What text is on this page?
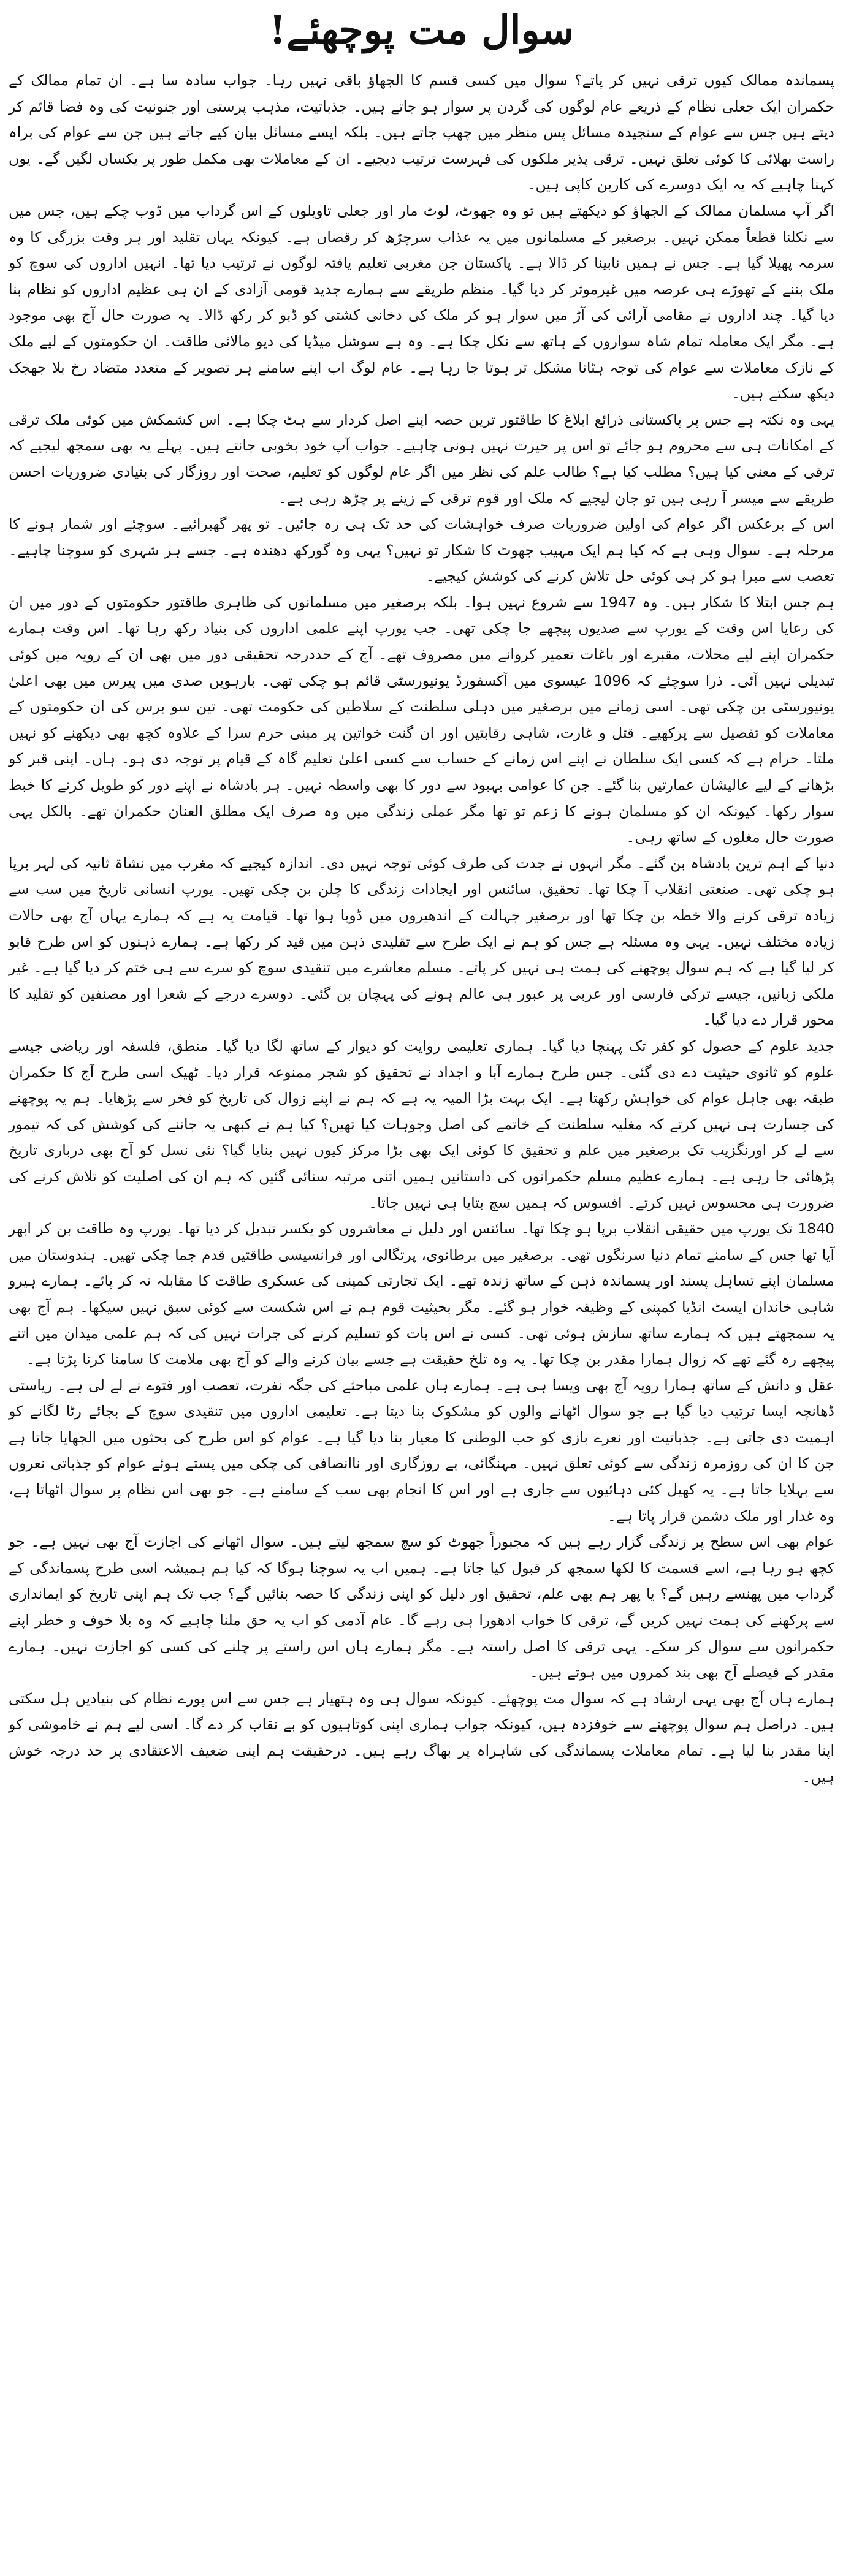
سوال مت پوچھئے!

پسماندہ ممالک کیوں ترقی نہیں کر پاتے؟ سوال میں کسی قسم کا الجھاؤ باقی نہیں رہا۔ جواب سادہ سا ہے۔ ان تمام ممالک کے حکمران ایک جعلی نظام کے ذریعے عام لوگوں کی گردن پر سوار ہو جاتے ہیں۔ جذباتیت، مذہب پرستی اور جنونیت کی وہ فضا قائم کر دیتے ہیں جس سے عوام کے سنجیدہ مسائل پس منظر میں چھپ جاتے ہیں۔ بلکہ ایسے مسائل بیان کیے جاتے ہیں جن سے عوام کی براہ راست بھلائی کا کوئی تعلق نہیں۔ ترقی پذیر ملکوں کی فہرست ترتیب دیجیے۔ ان کے معاملات بھی مکمل طور پر یکساں لگیں گے۔ یوں کہنا چاہیے کہ یہ ایک دوسرے کی کاربن کاپی ہیں۔

اگر آپ مسلمان ممالک کے الجھاؤ کو دیکھتے ہیں تو وہ جھوٹ، لوٹ مار اور جعلی تاویلوں کے اس گرداب میں ڈوب چکے ہیں، جس میں سے نکلنا قطعاً ممکن نہیں۔ برصغیر کے مسلمانوں میں یہ عذاب سرچڑھ کر رقصاں ہے۔ کیونکہ یہاں تقلید اور ہر وقت بزرگی کا وہ سرمہ پھیلا گیا ہے۔ جس نے ہمیں نابینا کر ڈالا ہے۔ پاکستان جن مغربی تعلیم یافتہ لوگوں نے ترتیب دیا تھا۔ انہیں اداروں کی سوچ کو ملک بننے کے تھوڑے ہی عرصہ میں غیرموثر کر دیا گیا۔ منظم طریقے سے ہمارے جدید قومی آزادی کے ان ہی عظیم اداروں کو نظام بنا دیا گیا۔ چند اداروں نے مقامی آرائی کی آڑ میں سوار ہو کر ملک کی دخانی کشتی کو ڈبو کر رکھ ڈالا۔ یہ صورت حال آج بھی موجود ہے۔ مگر ایک معاملہ تمام شاہ سواروں کے ہاتھ سے نکل چکا ہے۔ وہ ہے سوشل میڈیا کی دیو مالائی طاقت۔ ان حکومتوں کے لیے ملک کے نازک معاملات سے عوام کی توجہ ہٹانا مشکل تر ہوتا جا رہا ہے۔ عام لوگ اب اپنے سامنے ہر تصویر کے متعدد متضاد رخ بلا جھجک دیکھ سکتے ہیں۔

یہی وہ نکتہ ہے جس پر پاکستانی ذرائع ابلاغ کا طاقتور ترین حصہ اپنے اصل کردار سے ہٹ چکا ہے۔ اس کشمکش میں کوئی ملک ترقی کے امکانات ہی سے محروم ہو جائے تو اس پر حیرت نہیں ہونی چاہیے۔ جواب آپ خود بخوبی جانتے ہیں۔ پہلے یہ بھی سمجھ لیجیے کہ ترقی کے معنی کیا ہیں؟ مطلب کیا ہے؟ طالب علم کی نظر میں اگر عام لوگوں کو تعلیم، صحت اور روزگار کی بنیادی ضروریات احسن طریقے سے میسر آ رہی ہیں تو جان لیجیے کہ ملک اور قوم ترقی کے زینے پر چڑھ رہی ہے۔

اس کے برعکس اگر عوام کی اولین ضروریات صرف خواہشات کی حد تک ہی رہ جائیں۔ تو پھر گھبرائیے۔ سوچئے اور شمار ہونے کا مرحلہ ہے۔ سوال وہی ہے کہ کیا ہم ایک مہیب جھوٹ کا شکار تو نہیں؟ یہی وہ گورکھ دھندہ ہے۔ جسے ہر شہری کو سوچنا چاہیے۔ تعصب سے مبرا ہو کر ہی کوئی حل تلاش کرنے کی کوشش کیجیے۔

ہم جس ابتلا کا شکار ہیں۔ وہ 1947 سے شروع نہیں ہوا۔ بلکہ برصغیر میں مسلمانوں کی ظاہری طاقتور حکومتوں کے دور میں ان کی رعایا اس وقت کے یورپ سے صدیوں پیچھے جا چکی تھی۔ جب یورپ اپنے علمی اداروں کی بنیاد رکھ رہا تھا۔ اس وقت ہمارے حکمران اپنے لیے محلات، مقبرے اور باغات تعمیر کروانے میں مصروف تھے۔ آج کے حددرجہ تحقیقی دور میں بھی ان کے رویہ میں کوئی تبدیلی نہیں آئی۔ ذرا سوچئے کہ 1096 عیسوی میں آکسفورڈ یونیورسٹی قائم ہو چکی تھی۔ بارہویں صدی میں پیرس میں بھی اعلیٰ یونیورسٹی بن چکی تھی۔ اسی زمانے میں برصغیر میں دہلی سلطنت کے سلاطین کی حکومت تھی۔ تین سو برس کی ان حکومتوں کے معاملات کو تفصیل سے پرکھیے۔ قتل و غارت، شاہی رقابتیں اور ان گنت خواتین پر مبنی حرم سرا کے علاوہ کچھ بھی دیکھنے کو نہیں ملتا۔ حرام ہے کہ کسی ایک سلطان نے اپنے اس زمانے کے حساب سے کسی اعلیٰ تعلیم گاہ کے قیام پر توجہ دی ہو۔ ہاں۔ اپنی قبر کو بڑھانے کے لیے عالیشان عمارتیں بنا گئے۔ جن کا عوامی بہبود سے دور کا بھی واسطہ نہیں۔ ہر بادشاہ نے اپنے دور کو طویل کرنے کا خبط سوار رکھا۔ کیونکہ ان کو مسلمان ہونے کا زعم تو تھا مگر عملی زندگی میں وہ صرف ایک مطلق العنان حکمران تھے۔ بالکل یہی صورت حال مغلوں کے ساتھ رہی۔

دنیا کے اہم ترین بادشاہ بن گئے۔ مگر انہوں نے جدت کی طرف کوئی توجہ نہیں دی۔ اندازہ کیجیے کہ مغرب میں نشاۃ ثانیہ کی لہر برپا ہو چکی تھی۔ صنعتی انقلاب آ چکا تھا۔ تحقیق، سائنس اور ایجادات زندگی کا چلن بن چکی تھیں۔ یورپ انسانی تاریخ میں سب سے زیادہ ترقی کرنے والا خطہ بن چکا تھا اور برصغیر جہالت کے اندھیروں میں ڈوبا ہوا تھا۔ قیامت یہ ہے کہ ہمارے یہاں آج بھی حالات زیادہ مختلف نہیں۔ یہی وہ مسئلہ ہے جس کو ہم نے ایک طرح سے تقلیدی ذہن میں قید کر رکھا ہے۔ ہمارے ذہنوں کو اس طرح قابو کر لیا گیا ہے کہ ہم سوال پوچھنے کی ہمت ہی نہیں کر پاتے۔ مسلم معاشرے میں تنقیدی سوچ کو سرے سے ہی ختم کر دیا گیا ہے۔ غیر ملکی زبانیں، جیسے ترکی فارسی اور عربی پر عبور ہی عالم ہونے کی پہچان بن گئی۔ دوسرے درجے کے شعرا اور مصنفین کو تقلید کا محور قرار دے دیا گیا۔

جدید علوم کے حصول کو کفر تک پہنچا دیا گیا۔ ہماری تعلیمی روایت کو دیوار کے ساتھ لگا دیا گیا۔ منطق، فلسفہ اور ریاضی جیسے علوم کو ثانوی حیثیت دے دی گئی۔ جس طرح ہمارے آبا و اجداد نے تحقیق کو شجر ممنوعہ قرار دیا۔ ٹھیک اسی طرح آج کا حکمران طبقہ بھی جاہل عوام کی خواہش رکھتا ہے۔ ایک بہت بڑا المیہ یہ ہے کہ ہم نے اپنے زوال کی تاریخ کو فخر سے پڑھایا۔ ہم یہ پوچھنے کی جسارت ہی نہیں کرتے کہ مغلیہ سلطنت کے خاتمے کی اصل وجوہات کیا تھیں؟ کیا ہم نے کبھی یہ جاننے کی کوشش کی کہ تیمور سے لے کر اورنگزیب تک برصغیر میں علم و تحقیق کا کوئی ایک بھی بڑا مرکز کیوں نہیں بنایا گیا؟ نئی نسل کو آج بھی درباری تاریخ پڑھائی جا رہی ہے۔ ہمارے عظیم مسلم حکمرانوں کی داستانیں ہمیں اتنی مرتبہ سنائی گئیں کہ ہم ان کی اصلیت کو تلاش کرنے کی ضرورت ہی محسوس نہیں کرتے۔ افسوس کہ ہمیں سچ بتایا ہی نہیں جاتا۔

1840 تک یورپ میں حقیقی انقلاب برپا ہو چکا تھا۔ سائنس اور دلیل نے معاشروں کو یکسر تبدیل کر دیا تھا۔ یورپ وہ طاقت بن کر ابھر آیا تھا جس کے سامنے تمام دنیا سرنگوں تھی۔ برصغیر میں برطانوی، پرتگالی اور فرانسیسی طاقتیں قدم جما چکی تھیں۔ ہندوستان میں مسلمان اپنے تساہل پسند اور پسماندہ ذہن کے ساتھ زندہ تھے۔ ایک تجارتی کمپنی کی عسکری طاقت کا مقابلہ نہ کر پائے۔ ہمارے ہیرو شاہی خاندان ایسٹ انڈیا کمپنی کے وظیفہ خوار ہو گئے۔ مگر بحیثیت قوم ہم نے اس شکست سے کوئی سبق نہیں سیکھا۔ ہم آج بھی یہ سمجھتے ہیں کہ ہمارے ساتھ سازش ہوئی تھی۔ کسی نے اس بات کو تسلیم کرنے کی جرات نہیں کی کہ ہم علمی میدان میں اتنے پیچھے رہ گئے تھے کہ زوال ہمارا مقدر بن چکا تھا۔ یہ وہ تلخ حقیقت ہے جسے بیان کرنے والے کو آج بھی ملامت کا سامنا کرنا پڑتا ہے۔

عقل و دانش کے ساتھ ہمارا رویہ آج بھی ویسا ہی ہے۔ ہمارے ہاں علمی مباحثے کی جگہ نفرت، تعصب اور فتوے نے لے لی ہے۔ ریاستی ڈھانچہ ایسا ترتیب دیا گیا ہے جو سوال اٹھانے والوں کو مشکوک بنا دیتا ہے۔ تعلیمی اداروں میں تنقیدی سوچ کے بجائے رٹا لگانے کو اہمیت دی جاتی ہے۔ جذباتیت اور نعرے بازی کو حب الوطنی کا معیار بنا دیا گیا ہے۔ عوام کو اس طرح کی بحثوں میں الجھایا جاتا ہے جن کا ان کی روزمرہ زندگی سے کوئی تعلق نہیں۔ مہنگائی، بے روزگاری اور ناانصافی کی چکی میں پستے ہوئے عوام کو جذباتی نعروں سے بہلایا جاتا ہے۔ یہ کھیل کئی دہائیوں سے جاری ہے اور اس کا انجام بھی سب کے سامنے ہے۔ جو بھی اس نظام پر سوال اٹھاتا ہے، وہ غدار اور ملک دشمن قرار پاتا ہے۔

عوام بھی اس سطح پر زندگی گزار رہے ہیں کہ مجبوراً جھوٹ کو سچ سمجھ لیتے ہیں۔ سوال اٹھانے کی اجازت آج بھی نہیں ہے۔ جو کچھ ہو رہا ہے، اسے قسمت کا لکھا سمجھ کر قبول کیا جاتا ہے۔ ہمیں اب یہ سوچنا ہوگا کہ کیا ہم ہمیشہ اسی طرح پسماندگی کے گرداب میں پھنسے رہیں گے؟ یا پھر ہم بھی علم، تحقیق اور دلیل کو اپنی زندگی کا حصہ بنائیں گے؟ جب تک ہم اپنی تاریخ کو ایمانداری سے پرکھنے کی ہمت نہیں کریں گے، ترقی کا خواب ادھورا ہی رہے گا۔ عام آدمی کو اب یہ حق ملنا چاہیے کہ وہ بلا خوف و خطر اپنے حکمرانوں سے سوال کر سکے۔ یہی ترقی کا اصل راستہ ہے۔ مگر ہمارے ہاں اس راستے پر چلنے کی کسی کو اجازت نہیں۔ ہمارے مقدر کے فیصلے آج بھی بند کمروں میں ہوتے ہیں۔

ہمارے ہاں آج بھی یہی ارشاد ہے کہ سوال مت پوچھئے۔ کیونکہ سوال ہی وہ ہتھیار ہے جس سے اس پورے نظام کی بنیادیں ہل سکتی ہیں۔ دراصل ہم سوال پوچھنے سے خوفزدہ ہیں، کیونکہ جواب ہماری اپنی کوتاہیوں کو بے نقاب کر دے گا۔ اسی لیے ہم نے خاموشی کو اپنا مقدر بنا لیا ہے۔ تمام معاملات پسماندگی کی شاہراہ پر بھاگ رہے ہیں۔ درحقیقت ہم اپنی ضعیف الاعتقادی پر حد درجہ خوش ہیں۔
